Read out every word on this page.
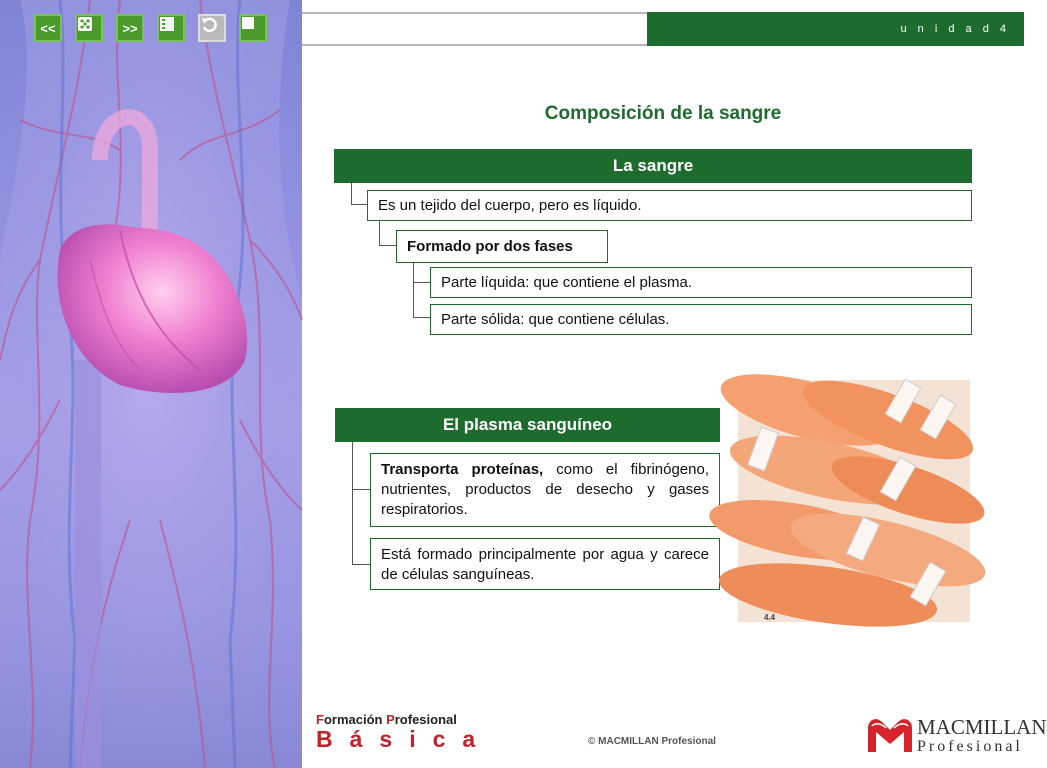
<<	>>	u n i d a d 4
Composición de la sangre
La sangre
Es un tejido del cuerpo, pero es líquido.
Formado por dos fases
Parte líquida: que contiene el plasma.
Parte sólida: que contiene células.
El plasma sanguíneo
Transporta proteínas, como el fibrinógeno, nutrientes, productos de desecho y gases respiratorios.
Está formado principalmente por agua y carece de células sanguíneas.
4.4
Formación Profesional
Básica	© MACMILLAN Profesional
MACMILLAN
Profesional
